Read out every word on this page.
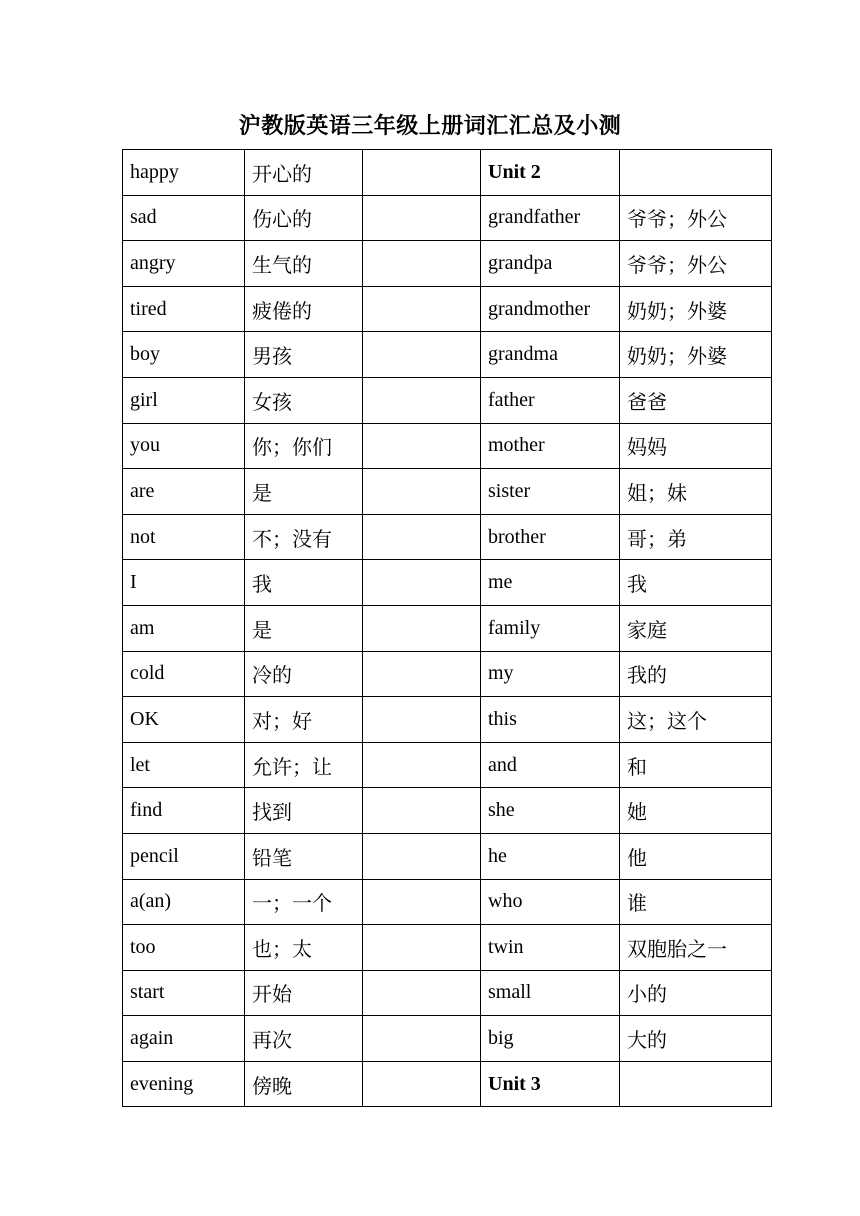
沪教版英语三年级上册词汇汇总及小测
happy	开心的		Unit 2	
sad	伤心的		grandfather	爷爷；外公
angry	生气的		grandpa	爷爷；外公
tired	疲倦的		grandmother	奶奶；外婆
boy	男孩		grandma	奶奶；外婆
girl	女孩		father	爸爸
you	你；你们		mother	妈妈
are	是		sister	姐；妹
not	不；没有		brother	哥；弟
I	我		me	我
am	是		family	家庭
cold	冷的		my	我的
OK	对；好		this	这；这个
let	允许；让		and	和
find	找到		she	她
pencil	铅笔		he	他
a(an)	一；一个		who	谁
too	也；太		twin	双胞胎之一
start	开始		small	小的
again	再次		big	大的
evening	傍晚		Unit 3	
